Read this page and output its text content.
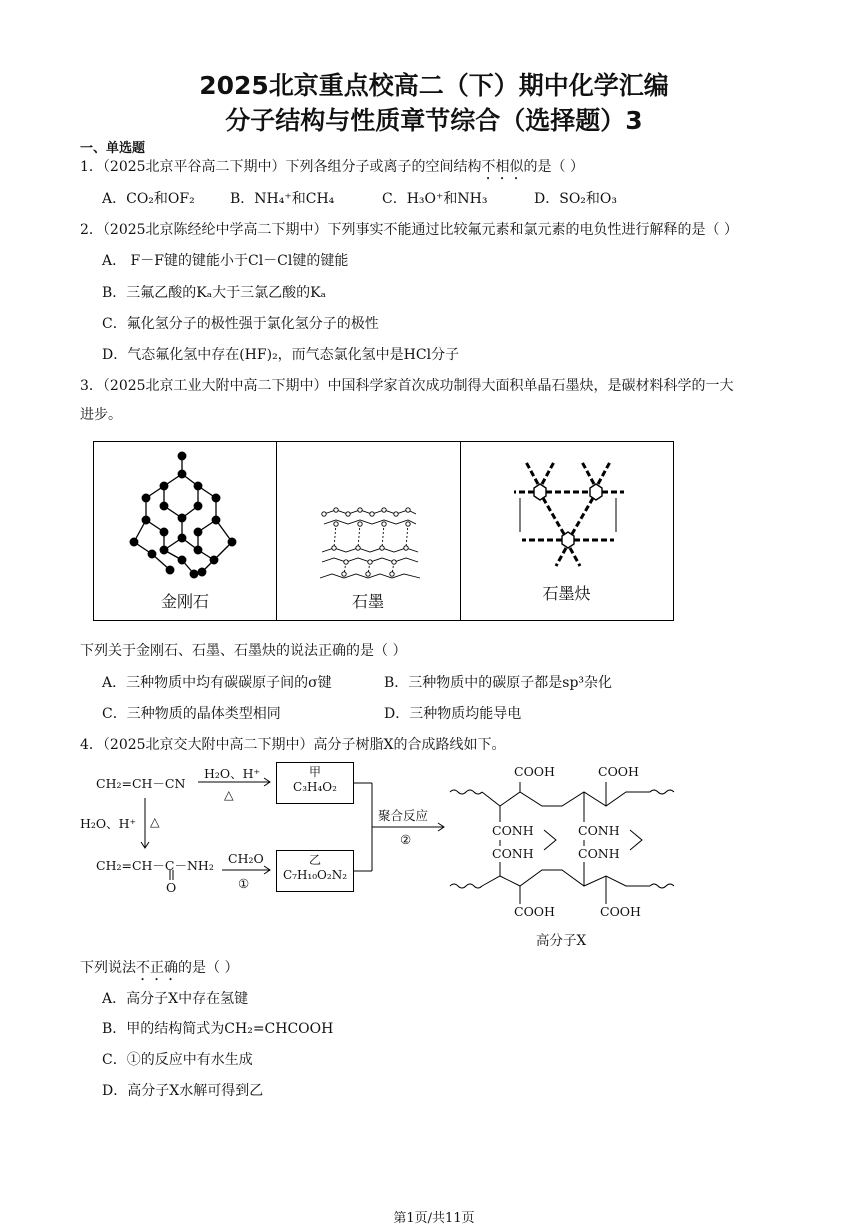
2025北京重点校高二（下）期中化学汇编
分子结构与性质章节综合（选择题）3
一、单选题
1．（2025北京平谷高二下期中）下列各组分子或离子的空间结构不相似的是（ ）
A．CO₂和OF₂	B．NH₄⁺和CH₄	C．H₃O⁺和NH₃	D．SO₂和O₃
2．（2025北京陈经纶中学高二下期中）下列事实不能通过比较氟元素和氯元素的电负性进行解释的是（ ）
A． F－F键的键能小于Cl－Cl键的键能
B．三氟乙酸的Kₐ大于三氯乙酸的Kₐ
C．氟化氢分子的极性强于氯化氢分子的极性
D．气态氟化氢中存在(HF)₂，而气态氯化氢中是HCl分子
3．（2025北京工业大附中高二下期中）中国科学家首次成功制得大面积单晶石墨炔，是碳材料科学的一大
进步。
金刚石	石墨	石墨炔
下列关于金刚石、石墨、石墨炔的说法正确的是（ ）
A．三种物质中均有碳碳原子间的σ键	B．三种物质中的碳原子都是sp³杂化
C．三种物质的晶体类型相同	D．三种物质均能导电
4．（2025北京交大附中高二下期中）高分子树脂X的合成路线如下。
CH₂=CH－CN
H₂O、H⁺
△
甲
C₃H₄O₂
H₂O、H⁺ △
CH₂=CH－C－NH₂
O
CH₂O
①
乙
C₇H₁₀O₂N₂
聚合反应
②
COOH	COOH
CONH	CONH
CONH	CONH
COOH	COOH
高分子X
下列说法不正确的是（ ）
A．高分子X中存在氢键
B．甲的结构简式为CH₂=CHCOOH
C．①的反应中有水生成
D．高分子X水解可得到乙
第1页/共11页
